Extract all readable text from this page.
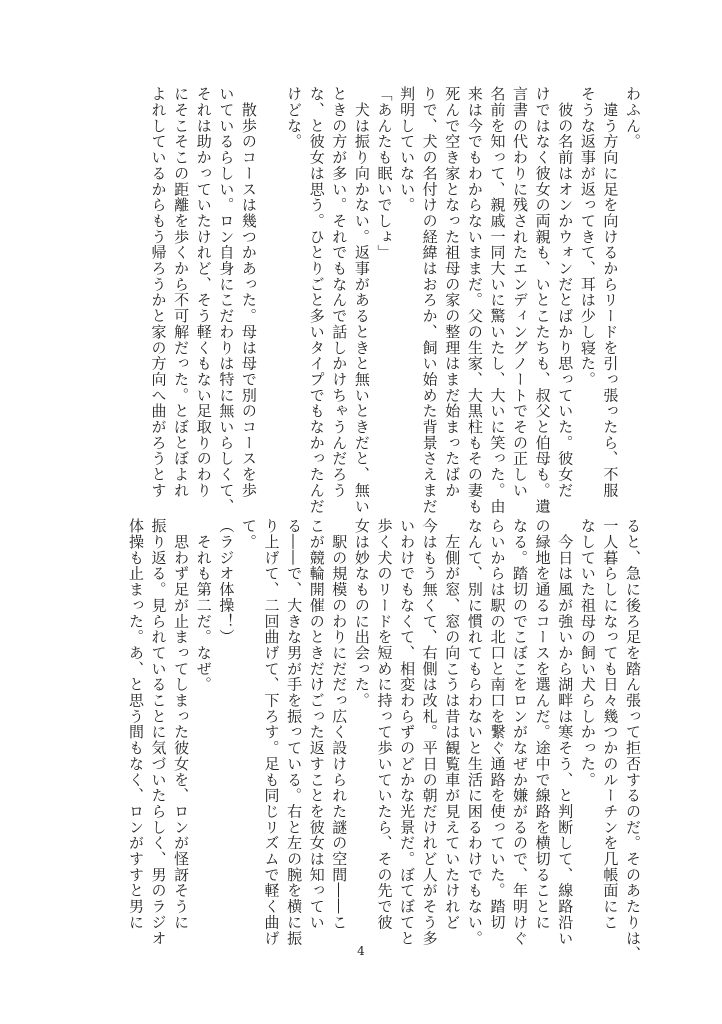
わふん。
　違う方向に足を向けるからリードを引っ張ったら、不服
そうな返事が返ってきて、耳は少し寝た。
　彼の名前はオンかウォンだとばかり思っていた。彼女だ
けではなく彼女の両親も、いとこたちも、叔父と伯母も。遺
言書の代わりに残されたエンディングノートでその正しい
名前を知って、親戚一同大いに驚いたし、大いに笑った。由
来は今でもわからないままだ。父の生家、大黒柱もその妻も
死んで空き家となった祖母の家の整理はまだ始まったばか
りで、犬の名付けの経緯はおろか、飼い始めた背景さえまだ
判明していない。
「あんたも眠いでしょ」
　犬は振り向かない。返事があるときと無いときだと、無い
ときの方が多い。それでもなんで話しかけちゃうんだろう
な、と彼女は思う。ひとりごと多いタイプでもなかったんだ
けどな。
　散歩のコースは幾つかあった。母は母で別のコースを歩
いているらしい。ロン自身にこだわりは特に無いらしくて、
それは助かっていたけれど、そう軽くもない足取りのわり
にそこそこの距離を歩くから不可解だった。とぼとぼよれ
よれしているからもう帰ろうかと家の方向へ曲がろうとす
ると、急に後ろ足を踏ん張って拒否するのだ。そのあたりは、
一人暮らしになっても日々幾つかのルーチンを几帳面にこ
なしていた祖母の飼い犬らしかった。
　今日は風が強いから湖畔は寒そう、と判断して、線路沿い
の緑地を通るコースを選んだ。途中で線路を横切ることに
なる。踏切のでこぼこをロンがなぜか嫌がるので、年明けぐ
らいからは駅の北口と南口を繋ぐ通路を使っていた。踏切
なんて、別に慣れてもらわないと生活に困るわけでもない。
　左側が窓、窓の向こうは昔は観覧車が見えていたけれど
今はもう無くて、右側は改札。平日の朝だけれど人がそう多
いわけでもなくて、相変わらずのどかな光景だ。ぼてぼてと
歩く犬のリードを短めに持って歩いていたら、その先で彼
女は妙なものに出会った。
　駅の規模のわりにだだっ広く設けられた謎の空間――こ
こが競輪開催のときだけごった返すことを彼女は知ってい
る――で、大きな男が手を振っている。右と左の腕を横に振
り上げて、二回曲げて、下ろす。足も同じリズムで軽く曲げ
て。
（ラジオ体操！）
　それも第二だ。なぜ。
　思わず足が止まってしまった彼女を、ロンが怪訝そうに
振り返る。見られていることに気づいたらしく、男のラジオ
体操も止まった。あ、と思う間もなく、ロンがすすと男に
4
